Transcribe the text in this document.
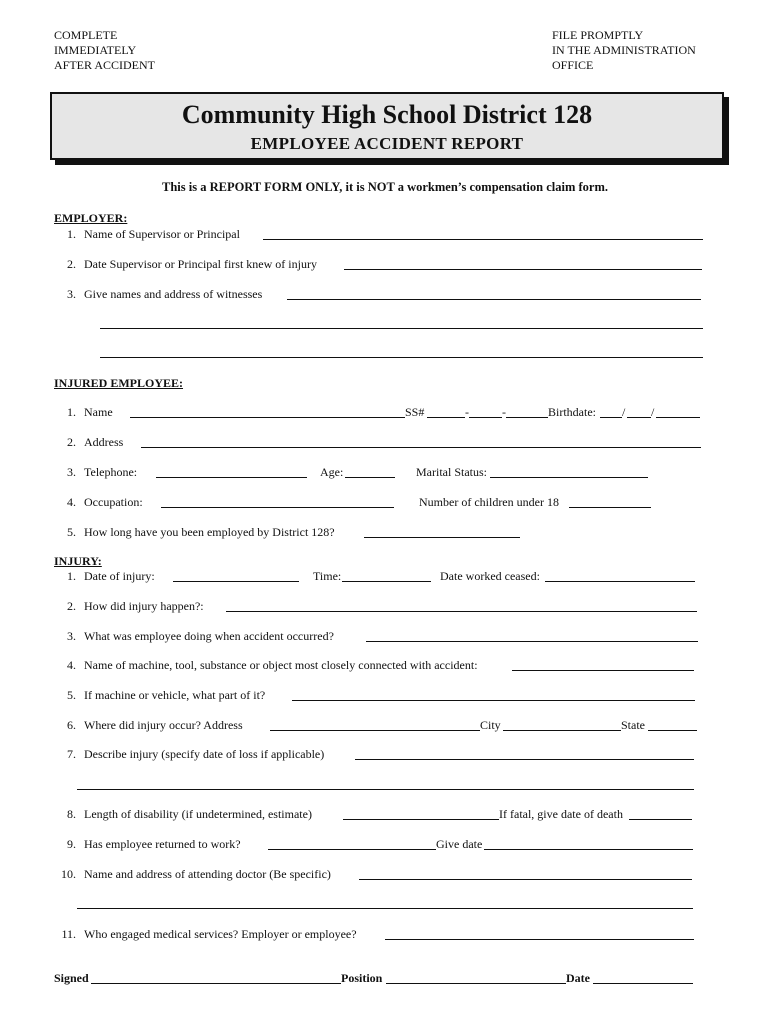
COMPLETE
IMMEDIATELY
AFTER ACCIDENT
FILE PROMPTLY
IN THE ADMINISTRATION
OFFICE
Community High School District 128
EMPLOYEE ACCIDENT REPORT
This is a REPORT FORM ONLY, it is NOT a workmen’s compensation claim form.
EMPLOYER:
1. Name of Supervisor or Principal
2. Date Supervisor or Principal first knew of injury
3. Give names and address of witnesses
INJURED EMPLOYEE:
1. Name	SS#	-	-	Birthdate: / /
2. Address
3. Telephone:	Age:	Marital Status:
4. Occupation:	Number of children under 18
5. How long have you been employed by District 128?
INJURY:
1. Date of injury:	Time:	Date worked ceased:
2. How did injury happen?:
3. What was employee doing when accident occurred?
4. Name of machine, tool, substance or object most closely connected with accident:
5. If machine or vehicle, what part of it?
6. Where did injury occur? Address	City	State
7. Describe injury (specify date of loss if applicable)
8. Length of disability (if undetermined, estimate)	If fatal, give date of death
9. Has employee returned to work?	Give date
10. Name and address of attending doctor (Be specific)
11. Who engaged medical services? Employer or employee?
Signed	Position	Date
